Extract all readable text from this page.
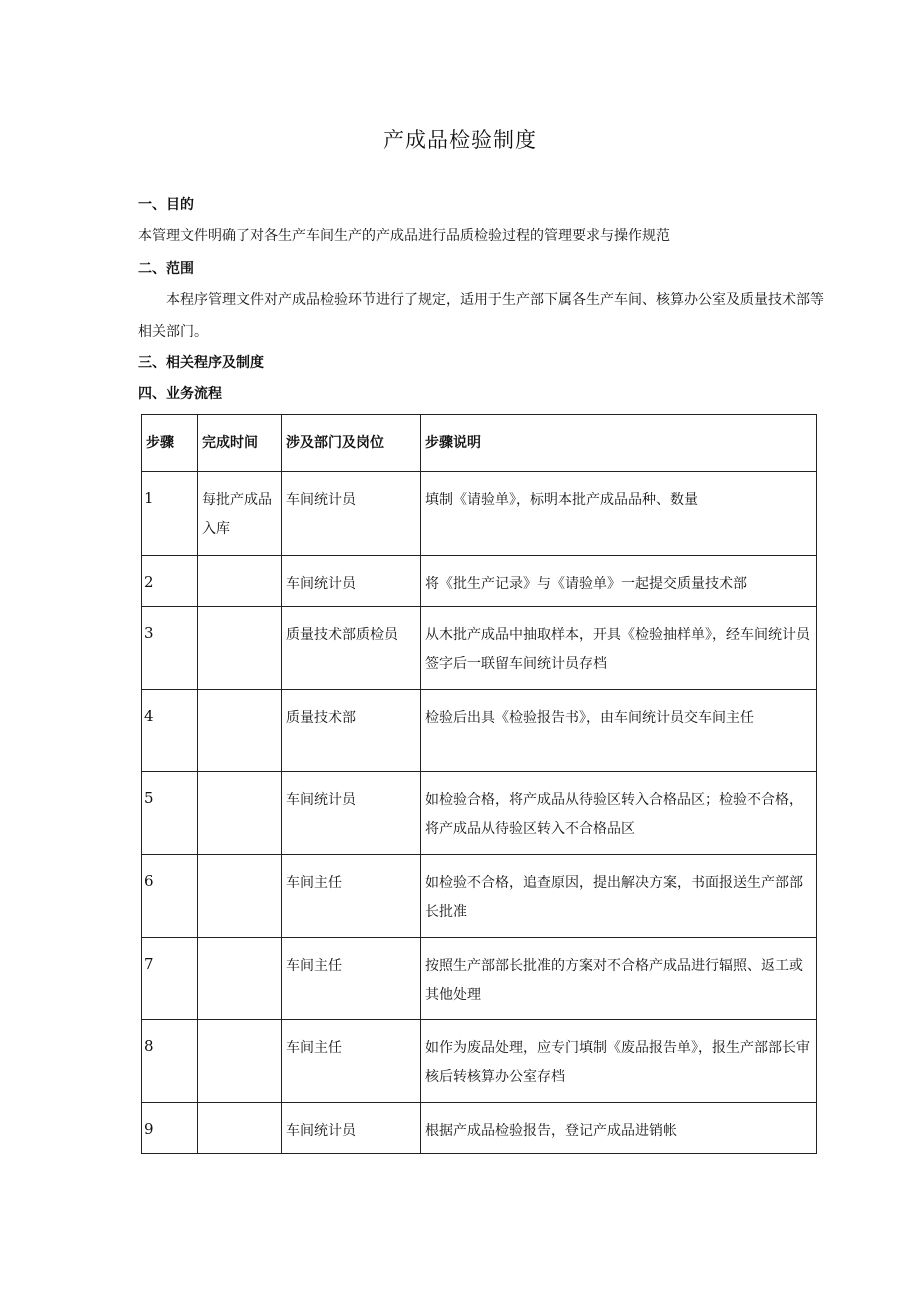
产成品检验制度
一、目的
本管理文件明确了对各生产车间生产的产成品进行品质检验过程的管理要求与操作规范
二、范围
本程序管理文件对产成品检验环节进行了规定，适用于生产部下属各生产车间、核算办公室及质量技术部等相关部门。
三、相关程序及制度
四、业务流程
步骤	完成时间	涉及部门及岗位	步骤说明
1	每批产成品入库	车间统计员	填制《请验单》，标明本批产成品品种、数量
2		车间统计员	将《批生产记录》与《请验单》一起提交质量技术部
3		质量技术部质检员	从木批产成品中抽取样本，开具《检验抽样单》，经车间统计员签字后一联留车间统计员存档
4		质量技术部	检验后出具《检验报告书》，由车间统计员交车间主任
5		车间统计员	如检验合格，将产成品从待验区转入合格品区；检验不合格，将产成品从待验区转入不合格品区
6		车间主任	如检验不合格，追查原因，提出解决方案，书面报送生产部部长批准
7		车间主任	按照生产部部长批准的方案对不合格产成品进行辐照、返工或其他处理
8		车间主任	如作为废品处理，应专门填制《废品报告单》，报生产部部长审核后转核算办公室存档
9		车间统计员	根据产成品检验报告，登记产成品进销帐
